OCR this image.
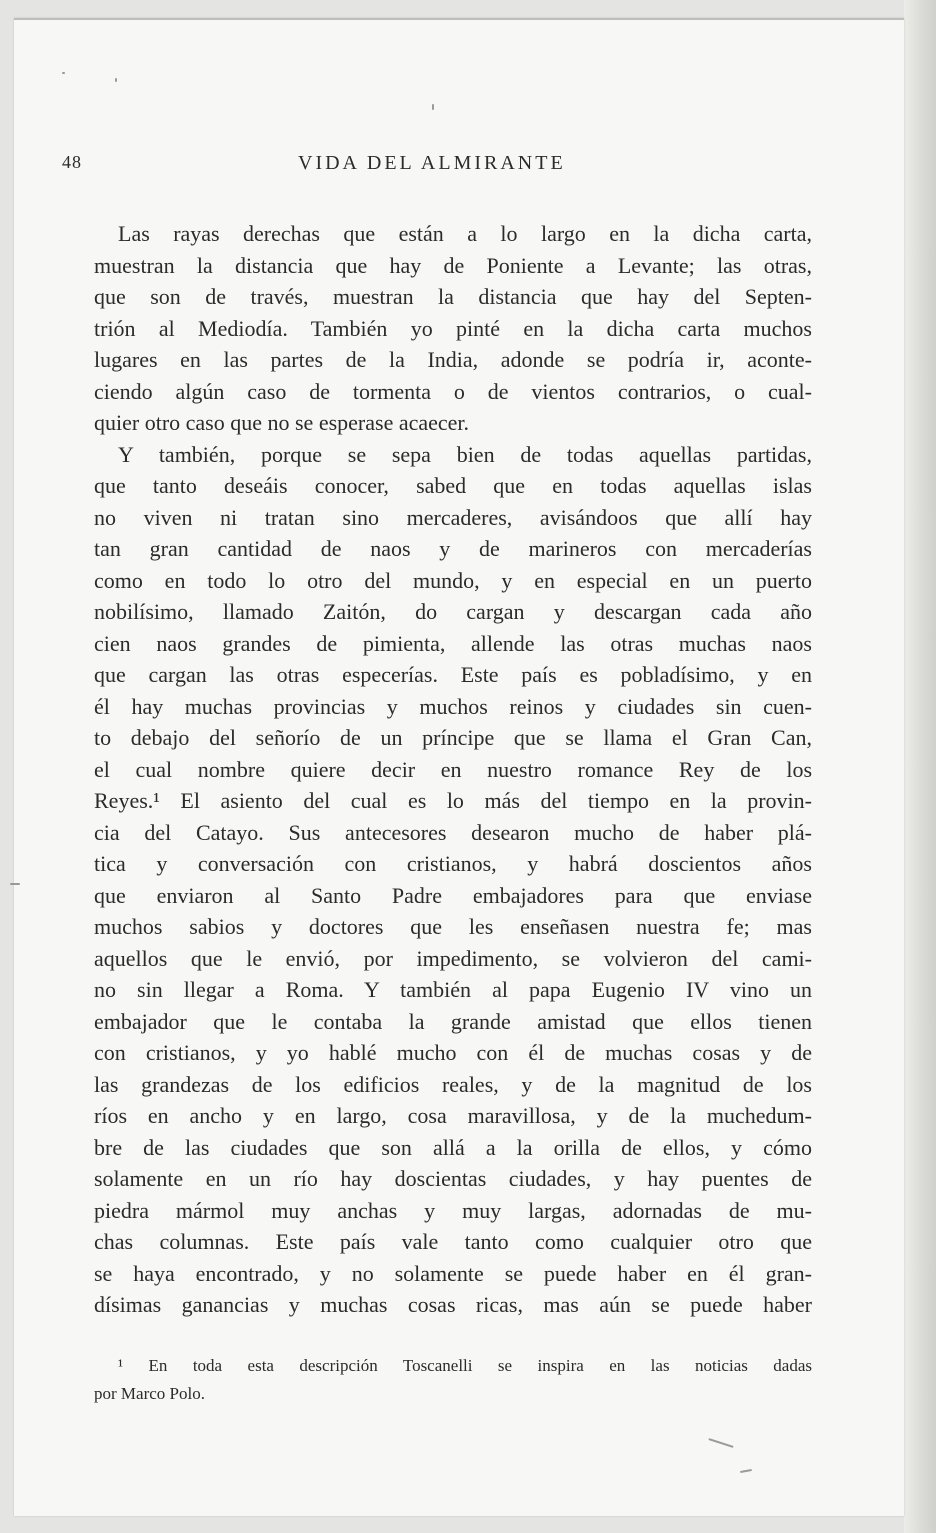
48	VIDA DEL ALMIRANTE
Las rayas derechas que están a lo largo en la dicha carta,
muestran la distancia que hay de Poniente a Levante; las otras,
que son de través, muestran la distancia que hay del Septen-
trión al Mediodía. También yo pinté en la dicha carta muchos
lugares en las partes de la India, adonde se podría ir, aconte-
ciendo algún caso de tormenta o de vientos contrarios, o cual-
quier otro caso que no se esperase acaecer.
Y también, porque se sepa bien de todas aquellas partidas,
que tanto deseáis conocer, sabed que en todas aquellas islas
no viven ni tratan sino mercaderes, avisándoos que allí hay
tan gran cantidad de naos y de marineros con mercaderías
como en todo lo otro del mundo, y en especial en un puerto
nobilísimo, llamado Zaitón, do cargan y descargan cada año
cien naos grandes de pimienta, allende las otras muchas naos
que cargan las otras especerías. Este país es pobladísimo, y en
él hay muchas provincias y muchos reinos y ciudades sin cuen-
to debajo del señorío de un príncipe que se llama el Gran Can,
el cual nombre quiere decir en nuestro romance Rey de los
Reyes.¹ El asiento del cual es lo más del tiempo en la provin-
cia del Catayo. Sus antecesores desearon mucho de haber plá-
tica y conversación con cristianos, y habrá doscientos años
que enviaron al Santo Padre embajadores para que enviase
muchos sabios y doctores que les enseñasen nuestra fe; mas
aquellos que le envió, por impedimento, se volvieron del cami-
no sin llegar a Roma. Y también al papa Eugenio IV vino un
embajador que le contaba la grande amistad que ellos tienen
con cristianos, y yo hablé mucho con él de muchas cosas y de
las grandezas de los edificios reales, y de la magnitud de los
ríos en ancho y en largo, cosa maravillosa, y de la muchedum-
bre de las ciudades que son allá a la orilla de ellos, y cómo
solamente en un río hay doscientas ciudades, y hay puentes de
piedra mármol muy anchas y muy largas, adornadas de mu-
chas columnas. Este país vale tanto como cualquier otro que
se haya encontrado, y no solamente se puede haber en él gran-
dísimas ganancias y muchas cosas ricas, mas aún se puede haber
¹ En toda esta descripción Toscanelli se inspira en las noticias dadas
por Marco Polo.
